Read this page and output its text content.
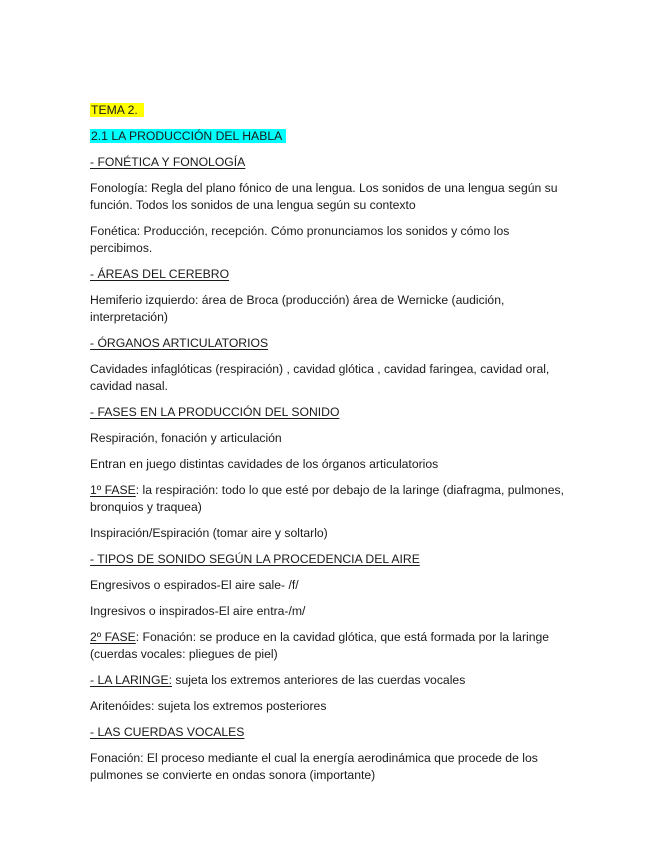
TEMA 2.

2.1 LA PRODUCCIÓN DEL HABLA

- FONÉTICA Y FONOLOGÍA

Fonología: Regla del plano fónico de una lengua. Los sonidos de una lengua según su función. Todos los sonidos de una lengua según su contexto

Fonética: Producción, recepción. Cómo pronunciamos los sonidos y cómo los percibimos.

- ÁREAS DEL CEREBRO

Hemiferio izquierdo: área de Broca (producción) área de Wernicke (audición, interpretación)

- ÓRGANOS ARTICULATORIOS

Cavidades infaglóticas (respiración) , cavidad glótica , cavidad faringea, cavidad oral, cavidad nasal.

- FASES EN LA PRODUCCIÓN DEL SONIDO

Respiración, fonación y articulación

Entran en juego distintas cavidades de los órganos articulatorios

1º FASE: la respiración: todo lo que esté por debajo de la laringe (diafragma, pulmones, bronquios y traquea)

Inspiración/Espiración (tomar aire y soltarlo)

- TIPOS DE SONIDO SEGÚN LA PROCEDENCIA DEL AIRE

Engresivos o espirados-El aire sale- /f/

Ingresivos o inspirados-El aire entra-/m/

2º FASE: Fonación: se produce en la cavidad glótica, que está formada por la laringe (cuerdas vocales: pliegues de piel)

- LA LARINGE: sujeta los extremos anteriores de las cuerdas vocales

Aritenóides: sujeta los extremos posteriores

- LAS CUERDAS VOCALES

Fonación: El proceso mediante el cual la energía aerodinámica que procede de los pulmones se convierte en ondas sonora (importante)
